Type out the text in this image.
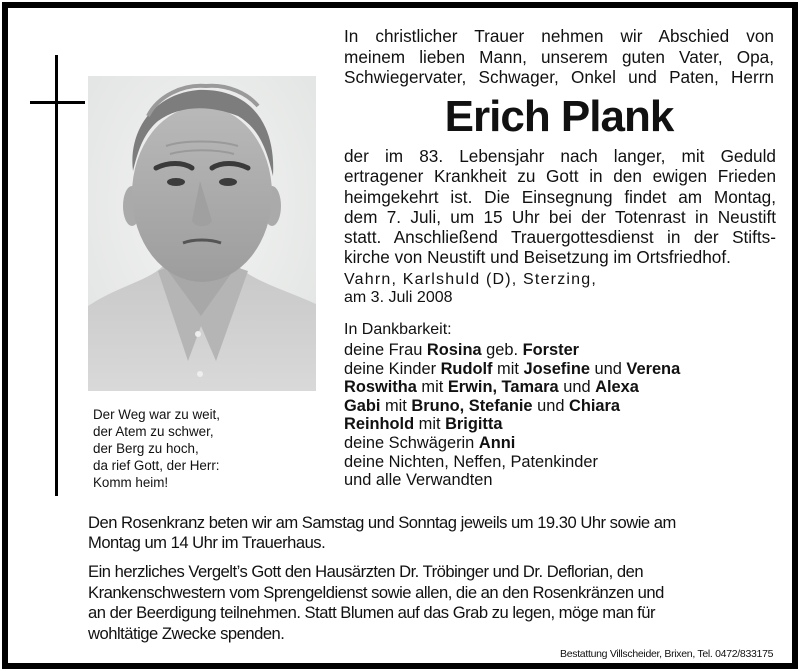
In christlicher Trauer nehmen wir Abschied von
meinem lieben Mann, unserem guten Vater, Opa,
Schwiegervater, Schwager, Onkel und Paten, Herrn
Erich Plank
der im 83. Lebensjahr nach langer, mit Geduld
ertragener Krankheit zu Gott in den ewigen Frieden
heimgekehrt ist. Die Einsegnung findet am Montag,
dem 7. Juli, um 15 Uhr bei der Totenrast in Neustift
statt. Anschließend Trauergottesdienst in der Stifts-
kirche von Neustift und Beisetzung im Ortsfriedhof.
Vahrn, Karlshuld (D), Sterzing,
am 3. Juli 2008
In Dankbarkeit:
deine Frau Rosina geb. Forster
deine Kinder Rudolf mit Josefine und Verena
Roswitha mit Erwin, Tamara und Alexa
Gabi mit Bruno, Stefanie und Chiara
Reinhold mit Brigitta
deine Schwägerin Anni
deine Nichten, Neffen, Patenkinder
und alle Verwandten
Der Weg war zu weit,
der Atem zu schwer,
der Berg zu hoch,
da rief Gott, der Herr:
Komm heim!
Den Rosenkranz beten wir am Samstag und Sonntag jeweils um 19.30 Uhr sowie am
Montag um 14 Uhr im Trauerhaus.
Ein herzliches Vergelt’s Gott den Hausärzten Dr. Tröbinger und Dr. Deflorian, den
Krankenschwestern vom Sprengeldienst sowie allen, die an den Rosenkränzen und
an der Beerdigung teilnehmen. Statt Blumen auf das Grab zu legen, möge man für
wohltätige Zwecke spenden.
Bestattung Villscheider, Brixen, Tel. 0472/833175
